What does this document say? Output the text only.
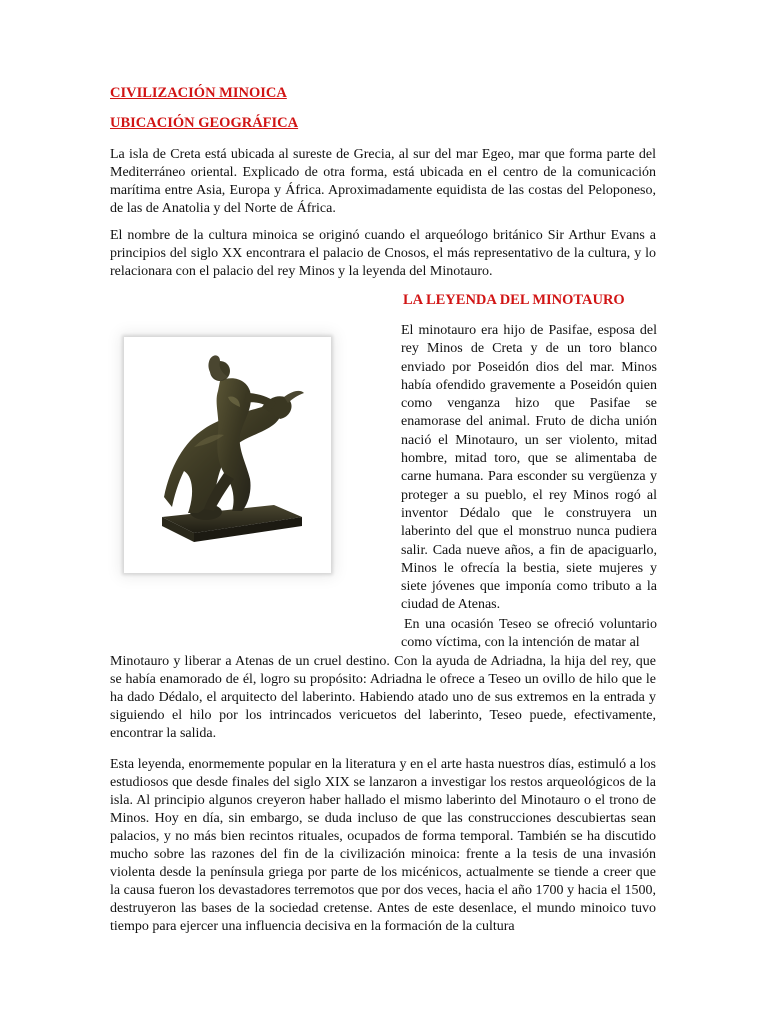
CIVILIZACIÓN MINOICA
UBICACIÓN GEOGRÁFICA

La isla de Creta está ubicada al sureste de Grecia, al sur del mar Egeo, mar que forma parte del Mediterráneo oriental. Explicado de otra forma, está ubicada en el centro de la comunicación marítima entre Asia, Europa y África. Aproximadamente equidista de las costas del Peloponeso, de las de Anatolia y del Norte de África.

El nombre de la cultura minoica se originó cuando el arqueólogo británico Sir Arthur Evans a principios del siglo XX encontrara el palacio de Cnosos, el más representativo de la cultura, y lo relacionara con el palacio del rey Minos y la leyenda del Minotauro.

LA LEYENDA DEL MINOTAURO

El minotauro era hijo de Pasifae, esposa del rey Minos de Creta y de un toro blanco enviado por Poseidón dios del mar. Minos había ofendido gravemente a Poseidón quien como venganza hizo que Pasifae se enamorase del animal. Fruto de dicha unión nació el Minotauro, un ser violento, mitad hombre, mitad toro, que se alimentaba de carne humana. Para esconder su vergüenza y proteger a su pueblo, el rey Minos rogó al inventor Dédalo que le construyera un laberinto del que el monstruo nunca pudiera salir. Cada nueve años, a fin de apaciguarlo, Minos le ofrecía la bestia, siete mujeres y siete jóvenes que imponía como tributo a la ciudad de Atenas.

En una ocasión Teseo se ofreció voluntario como víctima, con la intención de matar al

Minotauro y liberar a Atenas de un cruel destino. Con la ayuda de Adriadna, la hija del rey, que se había enamorado de él, logro su propósito: Adriadna le ofrece a Teseo un ovillo de hilo que le ha dado Dédalo, el arquitecto del laberinto. Habiendo atado uno de sus extremos en la entrada y siguiendo el hilo por los intrincados vericuetos del laberinto, Teseo puede, efectivamente, encontrar la salida.

Esta leyenda, enormemente popular en la literatura y en el arte hasta nuestros días, estimuló a los estudiosos que desde finales del siglo XIX se lanzaron a investigar los restos arqueológicos de la isla. Al principio algunos creyeron haber hallado el mismo laberinto del Minotauro o el trono de Minos. Hoy en día, sin embargo, se duda incluso de que las construcciones descubiertas sean palacios, y no más bien recintos rituales, ocupados de forma temporal. También se ha discutido mucho sobre las razones del fin de la civilización minoica: frente a la tesis de una invasión violenta desde la península griega por parte de los micénicos, actualmente se tiende a creer que la causa fueron los devastadores terremotos que por dos veces, hacia el año 1700 y hacia el 1500, destruyeron las bases de la sociedad cretense. Antes de este desenlace, el mundo minoico tuvo tiempo para ejercer una influencia decisiva en la formación de la cultura
